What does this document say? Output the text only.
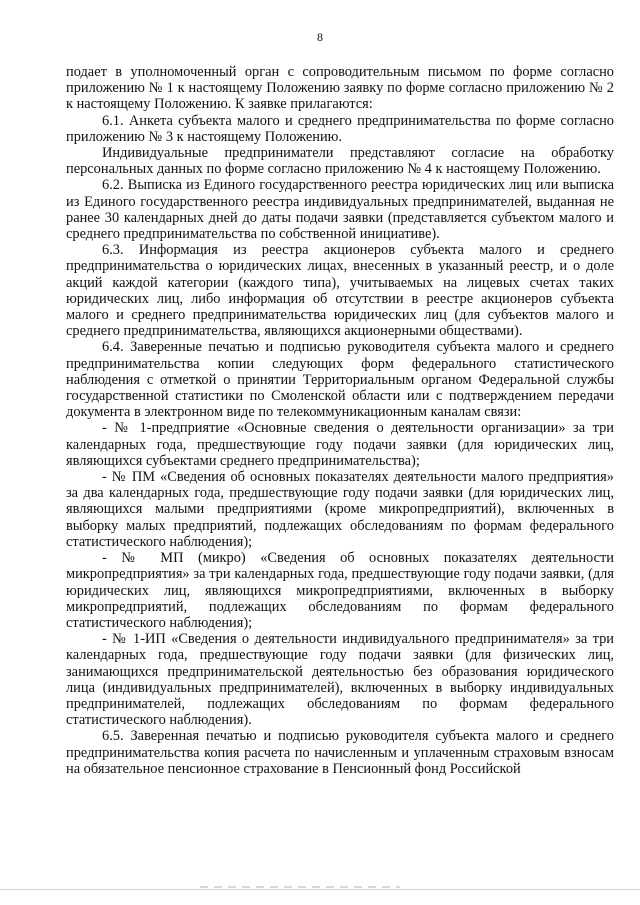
8

подает в уполномоченный орган с сопроводительным письмом по форме согласно приложению № 1 к настоящему Положению заявку по форме согласно приложению № 2 к настоящему Положению. К заявке прилагаются:

6.1. Анкета субъекта малого и среднего предпринимательства по форме согласно приложению № 3 к настоящему Положению.

Индивидуальные предприниматели представляют согласие на обработку персональных данных по форме согласно приложению № 4 к настоящему Положению.

6.2. Выписка из Единого государственного реестра юридических лиц или выписка из Единого государственного реестра индивидуальных предпринимателей, выданная не ранее 30 календарных дней до даты подачи заявки (представляется субъектом малого и среднего предпринимательства по собственной инициативе).

6.3. Информация из реестра акционеров субъекта малого и среднего предпринимательства о юридических лицах, внесенных в указанный реестр, и о доле акций каждой категории (каждого типа), учитываемых на лицевых счетах таких юридических лиц, либо информация об отсутствии в реестре акционеров субъекта малого и среднего предпринимательства юридических лиц (для субъектов малого и среднего предпринимательства, являющихся акционерными обществами).

6.4. Заверенные печатью и подписью руководителя субъекта малого и среднего предпринимательства копии следующих форм федерального статистического наблюдения с отметкой о принятии Территориальным органом Федеральной службы государственной статистики по Смоленской области или с подтверждением передачи документа в электронном виде по телекоммуникационным каналам связи:

- № 1-предприятие «Основные сведения о деятельности организации» за три календарных года, предшествующие году подачи заявки (для юридических лиц, являющихся субъектами среднего предпринимательства);

- № ПМ «Сведения об основных показателях деятельности малого предприятия» за два календарных года, предшествующие году подачи заявки (для юридических лиц, являющихся малыми предприятиями (кроме микропредприятий), включенных в выборку малых предприятий, подлежащих обследованиям по формам федерального статистического наблюдения);

- № МП (микро) «Сведения об основных показателях деятельности микропредприятия» за три календарных года, предшествующие году подачи заявки, (для юридических лиц, являющихся микропредприятиями, включенных в выборку микропредприятий, подлежащих обследованиям по формам федерального статистического наблюдения);

- № 1-ИП «Сведения о деятельности индивидуального предпринимателя» за три календарных года, предшествующие году подачи заявки (для физических лиц, занимающихся предпринимательской деятельностью без образования юридического лица (индивидуальных предпринимателей), включенных в выборку индивидуальных предпринимателей, подлежащих обследованиям по формам федерального статистического наблюдения).

6.5. Заверенная печатью и подписью руководителя субъекта малого и среднего предпринимательства копия расчета по начисленным и уплаченным страховым взносам на обязательное пенсионное страхование в Пенсионный фонд Российской
